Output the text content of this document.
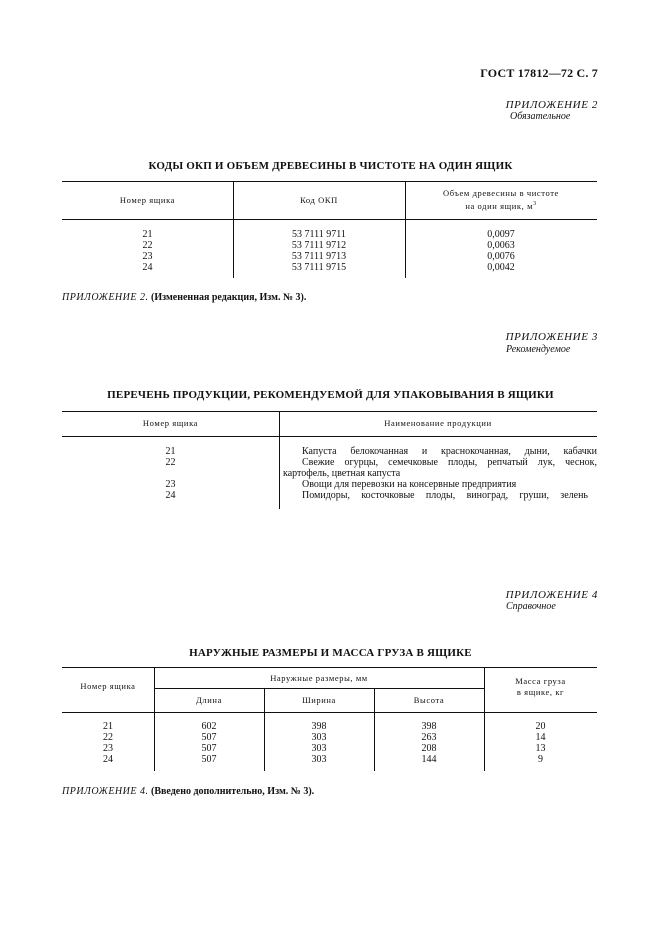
ГОСТ 17812—72 С. 7
ПРИЛОЖЕНИЕ 2
Обязательное
КОДЫ ОКП И ОБЪЕМ ДРЕВЕСИНЫ В ЧИСТОТЕ НА ОДИН ЯЩИК
Номер ящика	Код ОКП
Объем древесины в чистоте
на один ящик, $м^3$
21	53 7111 9711	0,0097
22	53 7111 9712	0,0063
23	53 7111 9713	0,0076
24	53 7111 9715	0,0042
ПРИЛОЖЕНИЕ 2. (Измененная редакция, Изм. № 3).
ПРИЛОЖЕНИЕ 3
Рекомендуемое
ПЕРЕЧЕНЬ ПРОДУКЦИИ, РЕКОМЕНДУЕМОЙ ДЛЯ УПАКОВЫВАНИЯ В ЯЩИКИ
Номер ящика	Наименование продукции
21	Капуста белокочанная и краснокочанная, дыни, кабачки
22	Свежие огурцы, семечковые плоды, репчатый лук, чеснок,
картофель, цветная капуста
23	Овощи для перевозки на консервные предприятия
24	Помидоры, косточковые плоды, виноград, груши, зелень
ПРИЛОЖЕНИЕ 4
Справочное
НАРУЖНЫЕ РАЗМЕРЫ И МАССА ГРУЗА В ЯЩИКЕ
Номер ящика
Наружные размеры, мм
Длина	Ширина	Высота
Масса груза
в ящике, кг
21	602	398	398	20
22	507	303	263	14
23	507	303	208	13
24	507	303	144	9
ПРИЛОЖЕНИЕ 4. (Введено дополнительно, Изм. № 3).
